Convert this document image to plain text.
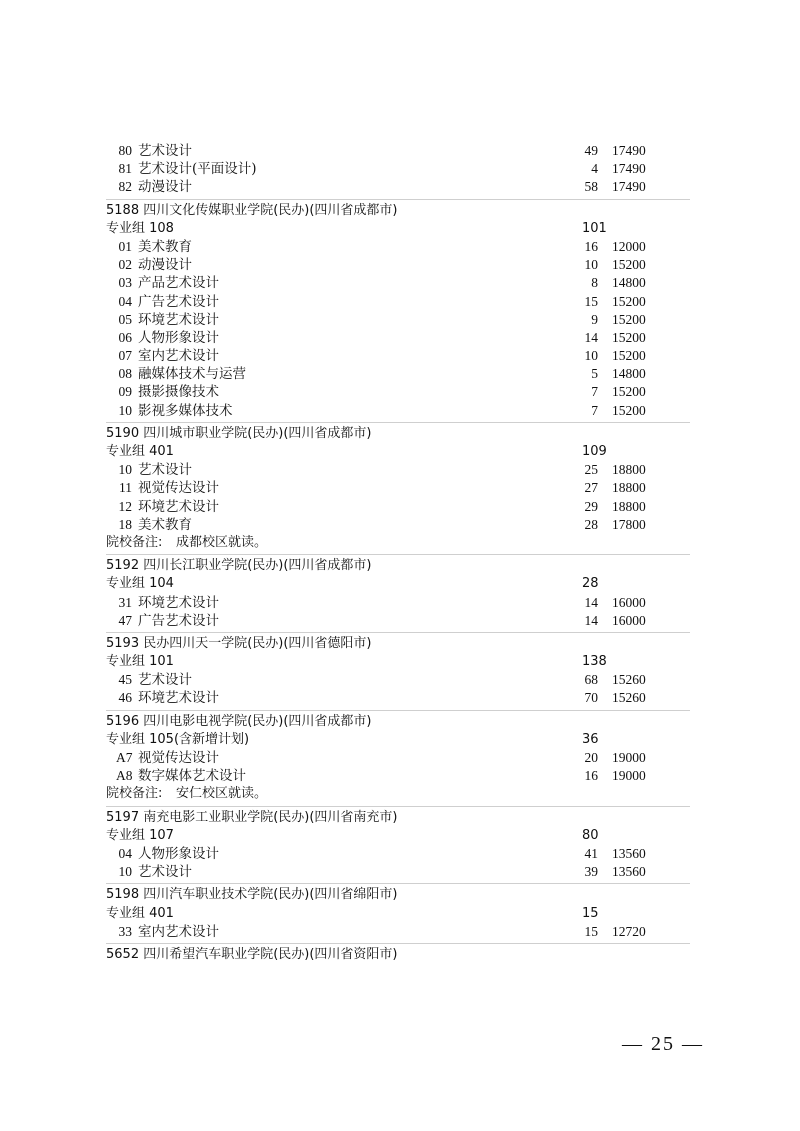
80 艺术设计	49 17490
81 艺术设计(平面设计)	4 17490
82 动漫设计	58 17490
5188 四川文化传媒职业学院(民办)(四川省成都市)
专业组 108	101
01 美术教育	16 12000
02 动漫设计	10 15200
03 产品艺术设计	8 14800
04 广告艺术设计	15 15200
05 环境艺术设计	9 15200
06 人物形象设计	14 15200
07 室内艺术设计	10 15200
08 融媒体技术与运营	5 14800
09 摄影摄像技术	7 15200
10 影视多媒体技术	7 15200
5190 四川城市职业学院(民办)(四川省成都市)
专业组 401	109
10 艺术设计	25 18800
11 视觉传达设计	27 18800
12 环境艺术设计	29 18800
18 美术教育	28 17800
院校备注: 成都校区就读。
5192 四川长江职业学院(民办)(四川省成都市)
专业组 104	28
31 环境艺术设计	14 16000
47 广告艺术设计	14 16000
5193 民办四川天一学院(民办)(四川省德阳市)
专业组 101	138
45 艺术设计	68 15260
46 环境艺术设计	70 15260
5196 四川电影电视学院(民办)(四川省成都市)
专业组 105(含新增计划)	36
A7 视觉传达设计	20 19000
A8 数字媒体艺术设计	16 19000
院校备注: 安仁校区就读。
5197 南充电影工业职业学院(民办)(四川省南充市)
专业组 107	80
04 人物形象设计	41 13560
10 艺术设计	39 13560
5198 四川汽车职业技术学院(民办)(四川省绵阳市)
专业组 401	15
33 室内艺术设计	15 12720
5652 四川希望汽车职业学院(民办)(四川省资阳市)
— 25 —
